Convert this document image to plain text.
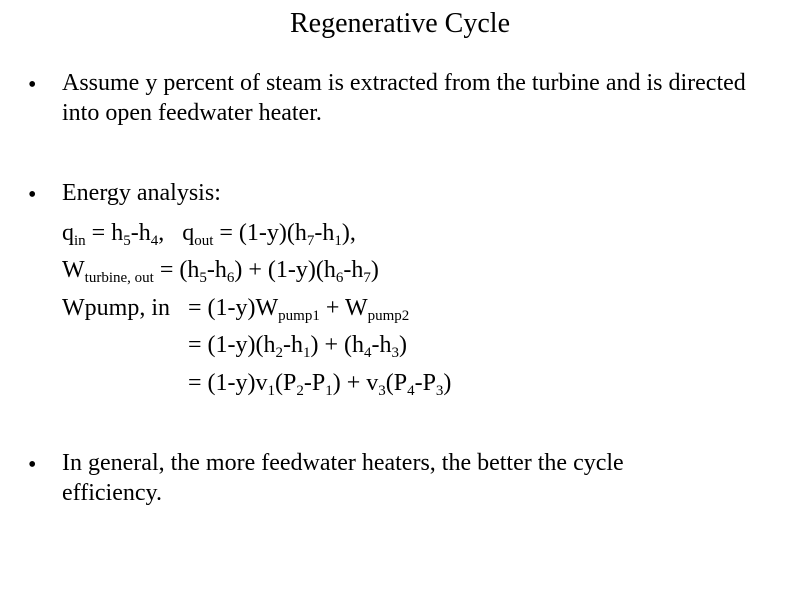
Regenerative Cycle
• Assume y percent of steam is extracted from the turbine and is directed into open feedwater heater.
• Energy analysis:
$q_{in} = h_5-h_4$,   $q_{out} = (1-y)(h_7-h_1)$,
$W_{turbine, out} = (h_5-h_6) + (1-y)(h_6-h_7)$
Wpump, in = $(1-y)W_{pump1} + W_{pump2}$
= $(1-y)(h_2-h_1) + (h_4-h_3)$
= $(1-y)v_1(P_2-P_1) + v_3(P_4-P_3)$
• In general, the more feedwater heaters, the better the cycle efficiency.
